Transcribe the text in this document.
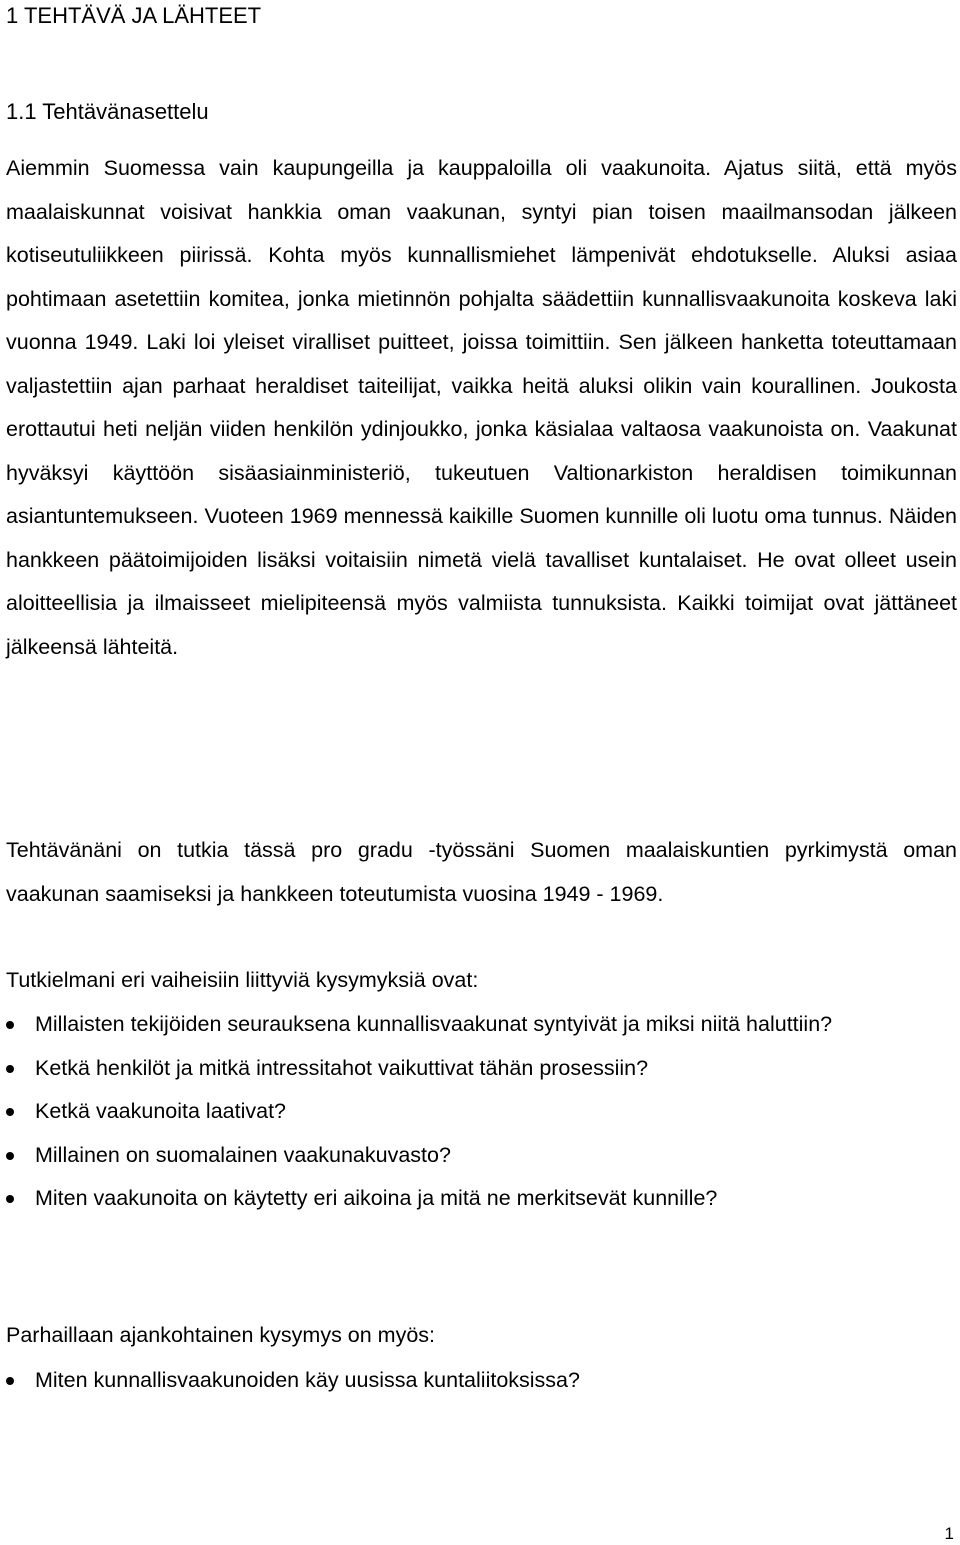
1 TEHTÄVÄ JA LÄHTEET
1.1 Tehtävänasettelu

Aiemmin Suomessa vain kaupungeilla ja kauppaloilla oli vaakunoita. Ajatus siitä, että myös maalaiskunnat voisivat hankkia oman vaakunan, syntyi pian toisen maailmansodan jälkeen kotiseutuliikkeen piirissä. Kohta myös kunnallismiehet lämpenivät ehdotukselle. Aluksi asiaa pohtimaan asetettiin komitea, jonka mietinnön pohjalta säädettiin kunnallisvaakunoita koskeva laki vuonna 1949. Laki loi yleiset viralliset puitteet, joissa toimittiin. Sen jälkeen hanketta toteuttamaan valjastettiin ajan parhaat heraldiset taiteilijat, vaikka heitä aluksi olikin vain kourallinen. Joukosta erottautui heti neljän viiden henkilön ydinjoukko, jonka käsialaa valtaosa vaakunoista on. Vaakunat hyväksyi käyttöön sisäasiainministeriö, tukeutuen Valtionarkiston heraldisen toimikunnan asiantuntemukseen. Vuoteen 1969 mennessä kaikille Suomen kunnille oli luotu oma tunnus. Näiden hankkeen päätoimijoiden lisäksi voitaisiin nimetä vielä tavalliset kuntalaiset. He ovat olleet usein aloitteellisia ja ilmaisseet mielipiteensä myös valmiista tunnuksista. Kaikki toimijat ovat jättäneet jälkeensä lähteitä.

Tehtävänäni on tutkia tässä pro gradu -työssäni Suomen maalaiskuntien pyrkimystä oman vaakunan saamiseksi ja hankkeen toteutumista vuosina 1949 - 1969.

Tutkielmani eri vaiheisiin liittyviä kysymyksiä ovat:

Millaisten tekijöiden seurauksena kunnallisvaakunat syntyivät ja miksi niitä haluttiin?
Ketkä henkilöt ja mitkä intressitahot vaikuttivat tähän prosessiin?
Ketkä vaakunoita laativat?
Millainen on suomalainen vaakunakuvasto?
Miten vaakunoita on käytetty eri aikoina ja mitä ne merkitsevät kunnille?

Parhaillaan ajankohtainen kysymys on myös:

Miten kunnallisvaakunoiden käy uusissa kuntaliitoksissa?
1
